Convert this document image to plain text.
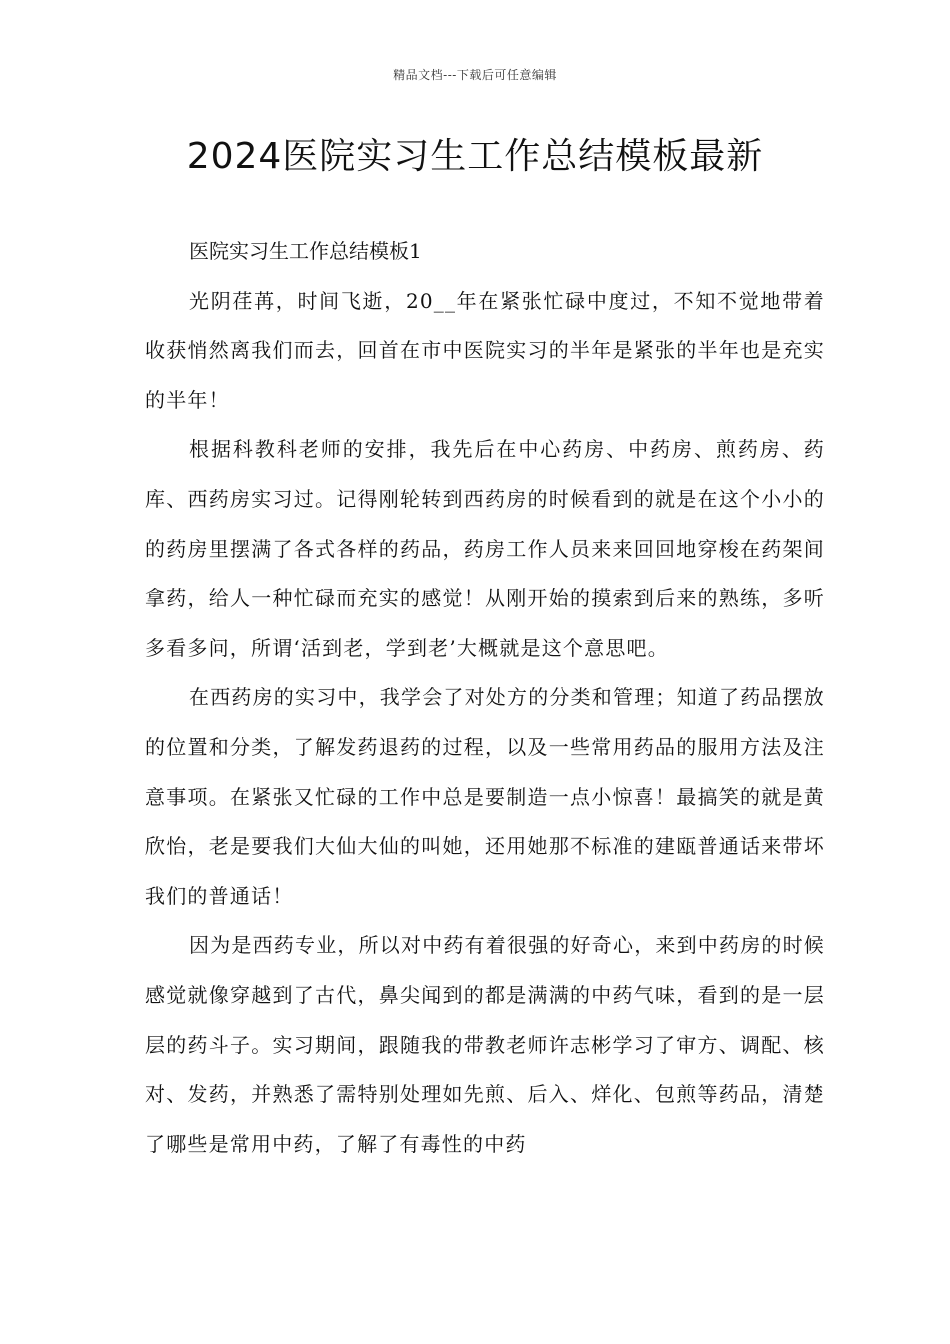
精品文档---下载后可任意编辑
2024医院实习生工作总结模板最新

医院实习生工作总结模板1

光阴荏苒，时间飞逝，20__年在紧张忙碌中度过，不知不觉地带着收获悄然离我们而去，回首在市中医院实习的半年是紧张的半年也是充实的半年！

根据科教科老师的安排，我先后在中心药房、中药房、煎药房、药库、西药房实习过。记得刚轮转到西药房的时候看到的就是在这个小小的的药房里摆满了各式各样的药品，药房工作人员来来回回地穿梭在药架间拿药，给人一种忙碌而充实的感觉！从刚开始的摸索到后来的熟练，多听多看多问，所谓‘活到老，学到老’大概就是这个意思吧。

在西药房的实习中，我学会了对处方的分类和管理；知道了药品摆放的位置和分类，了解发药退药的过程，以及一些常用药品的服用方法及注意事项。在紧张又忙碌的工作中总是要制造一点小惊喜！最搞笑的就是黄欣怡，老是要我们大仙大仙的叫她，还用她那不标准的建瓯普通话来带坏我们的普通话！

因为是西药专业，所以对中药有着很强的好奇心，来到中药房的时候感觉就像穿越到了古代，鼻尖闻到的都是满满的中药气味，看到的是一层层的药斗子。实习期间，跟随我的带教老师许志彬学习了审方、调配、核对、发药，并熟悉了需特别处理如先煎、后入、烊化、包煎等药品，清楚了哪些是常用中药，了解了有毒性的中药
